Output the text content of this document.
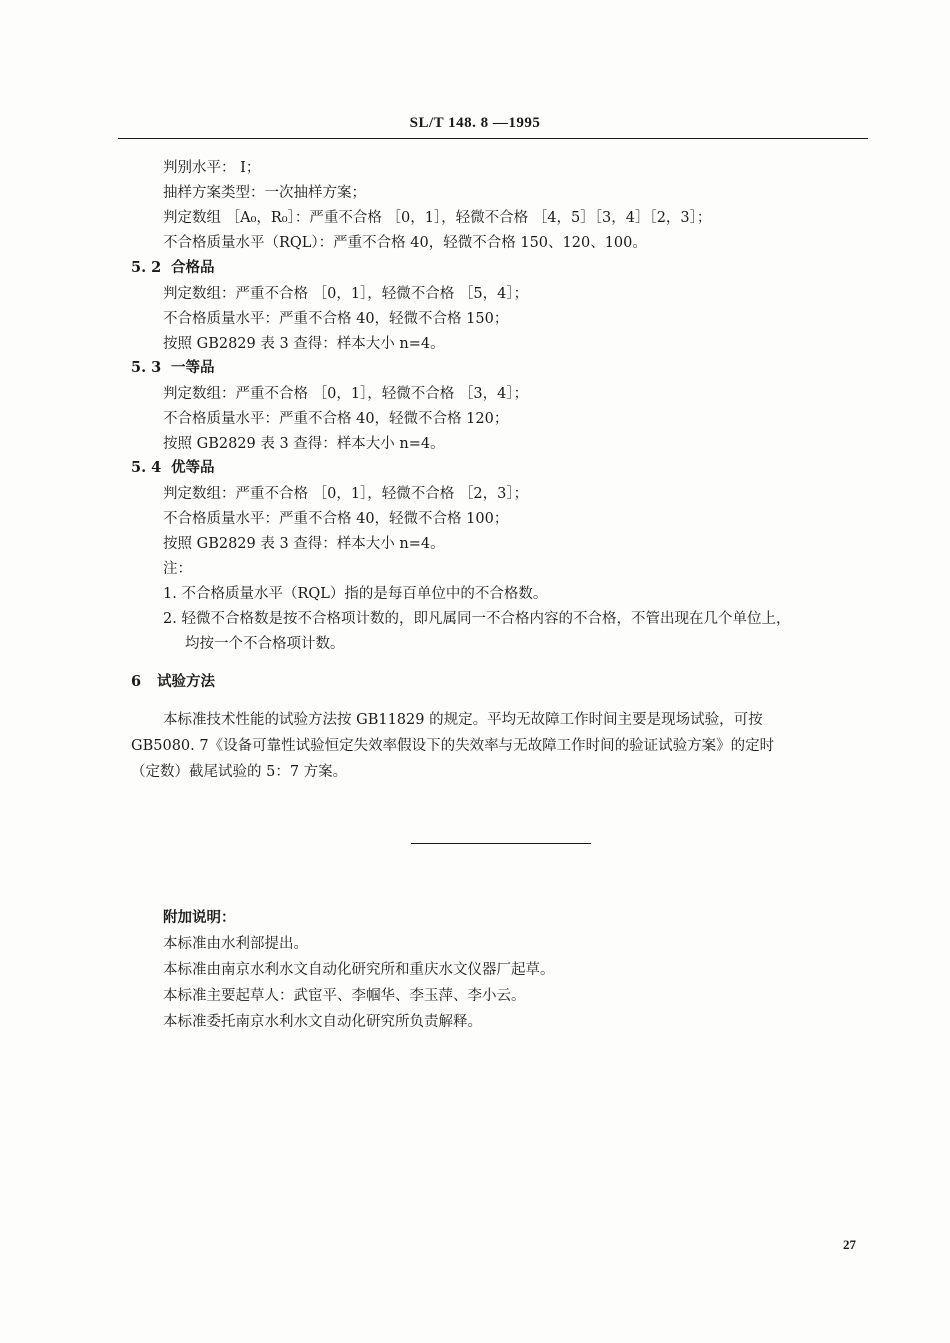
SL/T 148. 8 —1995
判别水平： Ⅰ；
抽样方案类型：一次抽样方案；
判定数组 ［A₀，R₀］：严重不合格 ［0，1］，轻微不合格 ［4，5］［3，4］［2，3］；
不合格质量水平（RQL）：严重不合格 40，轻微不合格 150、120、100。
5. 2 合格品
判定数组：严重不合格 ［0，1］，轻微不合格 ［5，4］；
不合格质量水平：严重不合格 40，轻微不合格 150；
按照 GB2829 表 3 查得：样本大小 n=4。
5. 3 一等品
判定数组：严重不合格 ［0，1］，轻微不合格 ［3，4］；
不合格质量水平：严重不合格 40，轻微不合格 120；
按照 GB2829 表 3 查得：样本大小 n=4。
5. 4 优等品
判定数组：严重不合格 ［0，1］，轻微不合格 ［2，3］；
不合格质量水平：严重不合格 40，轻微不合格 100；
按照 GB2829 表 3 查得：样本大小 n=4。
注：
1. 不合格质量水平（RQL）指的是每百单位中的不合格数。
2. 轻微不合格数是按不合格项计数的，即凡属同一不合格内容的不合格，不管出现在几个单位上，
均按一个不合格项计数。
6 试验方法
本标准技术性能的试验方法按 GB11829 的规定。平均无故障工作时间主要是现场试验，可按
GB5080. 7《设备可靠性试验恒定失效率假设下的失效率与无故障工作时间的验证试验方案》的定时
（定数）截尾试验的 5：7 方案。
附加说明：
本标准由水利部提出。
本标准由南京水利水文自动化研究所和重庆水文仪器厂起草。
本标准主要起草人：武宦平、李帼华、李玉萍、李小云。
本标准委托南京水利水文自动化研究所负责解释。
27
